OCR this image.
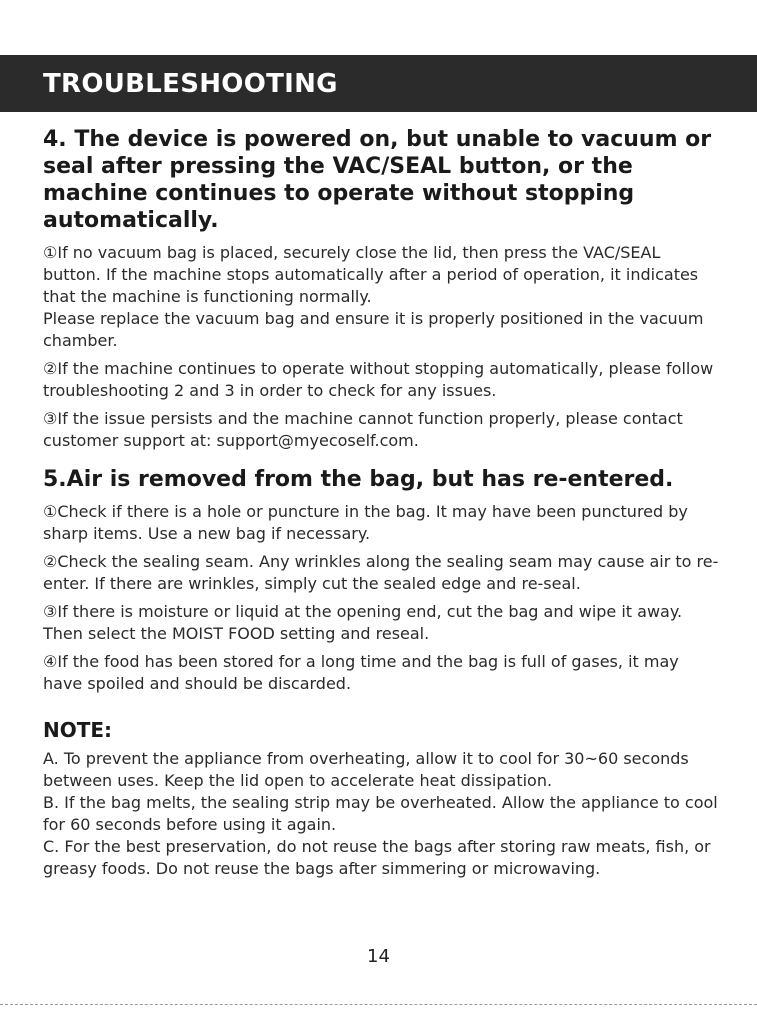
TROUBLESHOOTING
4. The device is powered on, but unable to vacuum or seal after pressing the VAC/SEAL button, or the machine continues to operate without stopping automatically.

①If no vacuum bag is placed, securely close the lid, then press the VAC/SEAL button. If the machine stops automatically after a period of operation, it indicates that the machine is functioning normally.

Please replace the vacuum bag and ensure it is properly positioned in the vacuum chamber.

②If the machine continues to operate without stopping automatically, please follow troubleshooting 2 and 3 in order to check for any issues.

③If the issue persists and the machine cannot function properly, please contact customer support at: support@myecoself.com.

5.Air is removed from the bag, but has re-entered.

①Check if there is a hole or puncture in the bag. It may have been punctured by sharp items. Use a new bag if necessary.

②Check the sealing seam. Any wrinkles along the sealing seam may cause air to re-enter. If there are wrinkles, simply cut the sealed edge and re-seal.

③If there is moisture or liquid at the opening end, cut the bag and wipe it away. Then select the MOIST FOOD setting and reseal.

④If the food has been stored for a long time and the bag is full of gases, it may have spoiled and should be discarded.

NOTE:

A. To prevent the appliance from overheating, allow it to cool for 30~60 seconds between uses. Keep the lid open to accelerate heat dissipation.

B. If the bag melts, the sealing strip may be overheated. Allow the appliance to cool for 60 seconds before using it again.

C. For the best preservation, do not reuse the bags after storing raw meats, fish, or greasy foods. Do not reuse the bags after simmering or microwaving.

14
